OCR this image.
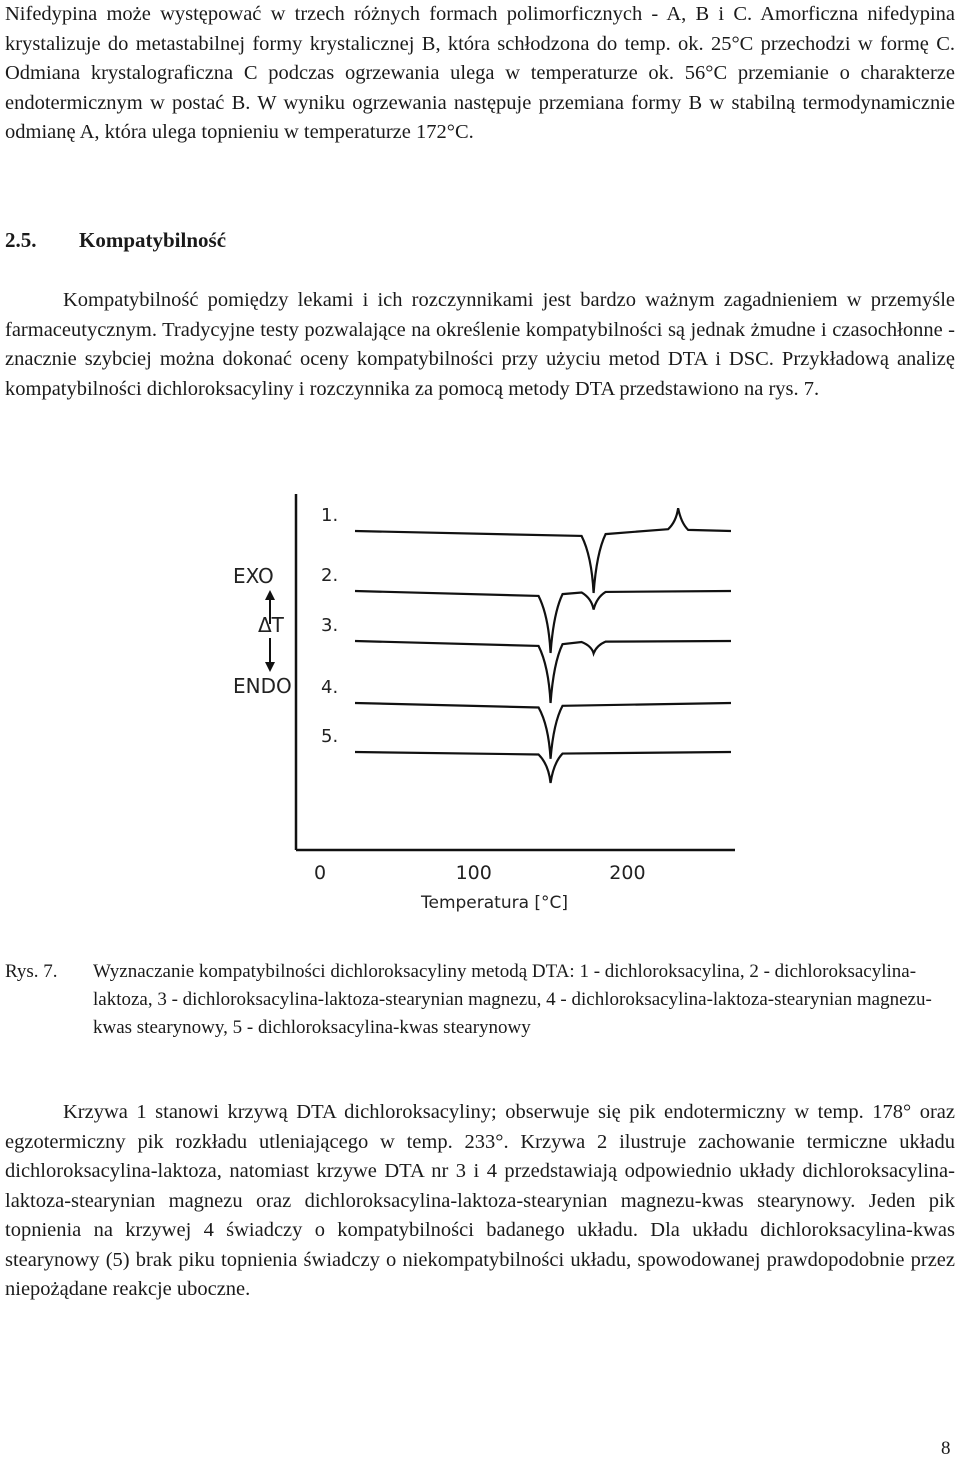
Nifedypina może występować w trzech różnych formach polimorficznych - A, B i C. Amorficzna nifedypina krystalizuje do metastabilnej formy krystalicznej B, która schłodzona do temp. ok. 25°C przechodzi w formę C. Odmiana krystalograficzna C podczas ogrzewania ulega w temperaturze ok. 56°C przemianie o charakterze endotermicznym w postać B. W wyniku ogrzewania następuje przemiana formy B w stabilną termodynamicznie odmianę A, która ulega topnieniu w temperaturze 172°C.

2.5. Kompatybilność

Kompatybilność pomiędzy lekami i ich rozczynnikami jest bardzo ważnym zagadnieniem w przemyśle farmaceutycznym. Tradycyjne testy pozwalające na określenie kompatybilności są jednak żmudne i czasochłonne - znacznie szybciej można dokonać oceny kompatybilności przy użyciu metod DTA i DSC. Przykładową analizę kompatybilności dichloroksacyliny i rozczynnika za pomocą metody DTA przedstawiono na rys. 7.

EXO
ΔT
ENDO
1.
2.
3.
4.
5.
0	100	200
Temperatura [°C]
Rys. 7.	Wyznaczanie kompatybilności dichloroksacyliny metodą DTA: 1 - dichloroksacylina, 2 - dichloroksacylina-laktoza, 3 - dichloroksacylina-laktoza-stearynian magnezu, 4 - dichloroksacylina-laktoza-stearynian magnezu-kwas stearynowy, 5 - dichloroksacylina-kwas stearynowy

Krzywa 1 stanowi krzywą DTA dichloroksacyliny; obserwuje się pik endotermiczny w temp. 178° oraz egzotermiczny pik rozkładu utleniającego w temp. 233°. Krzywa 2 ilustruje zachowanie termiczne układu dichloroksacylina-laktoza, natomiast krzywe DTA nr 3 i 4 przedstawiają odpowiednio układy dichloroksacylina-laktoza-stearynian magnezu oraz dichloroksacylina-laktoza-stearynian magnezu-kwas stearynowy. Jeden pik topnienia na krzywej 4 świadczy o kompatybilności badanego układu. Dla układu dichloroksacylina-kwas stearynowy (5) brak piku topnienia świadczy o niekompatybilności układu, spowodowanej prawdopodobnie przez niepożądane reakcje uboczne.

8
